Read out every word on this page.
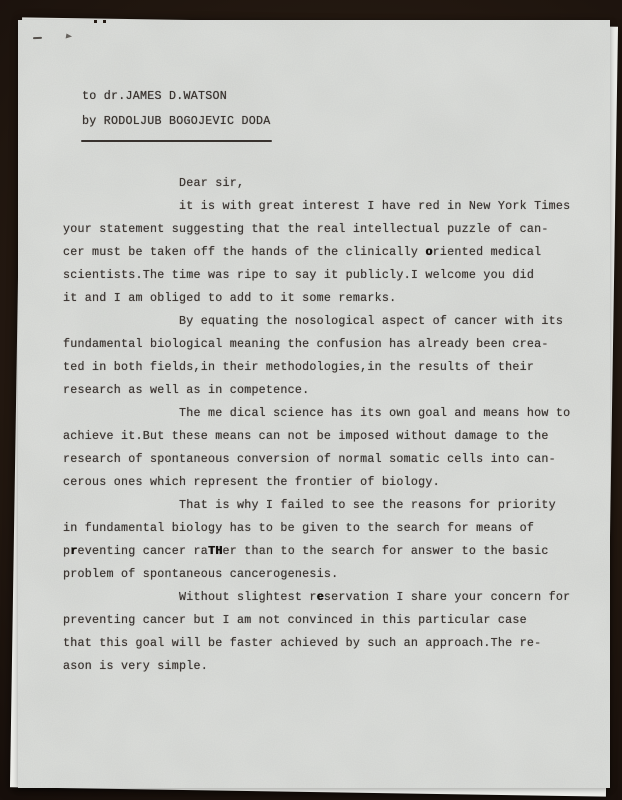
to dr.JAMES D.WATSON
by RODOLJUB BOGOJEVIC DODA
Dear sir,
it is with great interest I have red in New York Times
your statement suggesting that the real intellectual puzzle of can-
cer must be taken off the hands of the clinically oriented medical
scientists.The time was ripe to say it publicly.I welcome you did
it and I am obliged to add to it some remarks.
By equating the nosological aspect of cancer with its
fundamental biological meaning the confusion has already been crea-
ted in both fields,in their methodologies,in the results of their
research as well as in competence.
The me dical science has its own goal and means how to
achieve it.But these means can not be imposed without damage to the
research of spontaneous conversion of normal somatic cells into can-
cerous ones which represent the frontier of biology.
That is why I failed to see the reasons for priority
in fundamental biology has to be given to the search for means of
preventing cancer raTHer than to the search for answer to the basic
problem of spontaneous cancerogenesis.
Without slightest reservation I share your concern for
preventing cancer but I am not convinced in this particular case
that this goal will be faster achieved by such an approach.The re-
ason is very simple.
